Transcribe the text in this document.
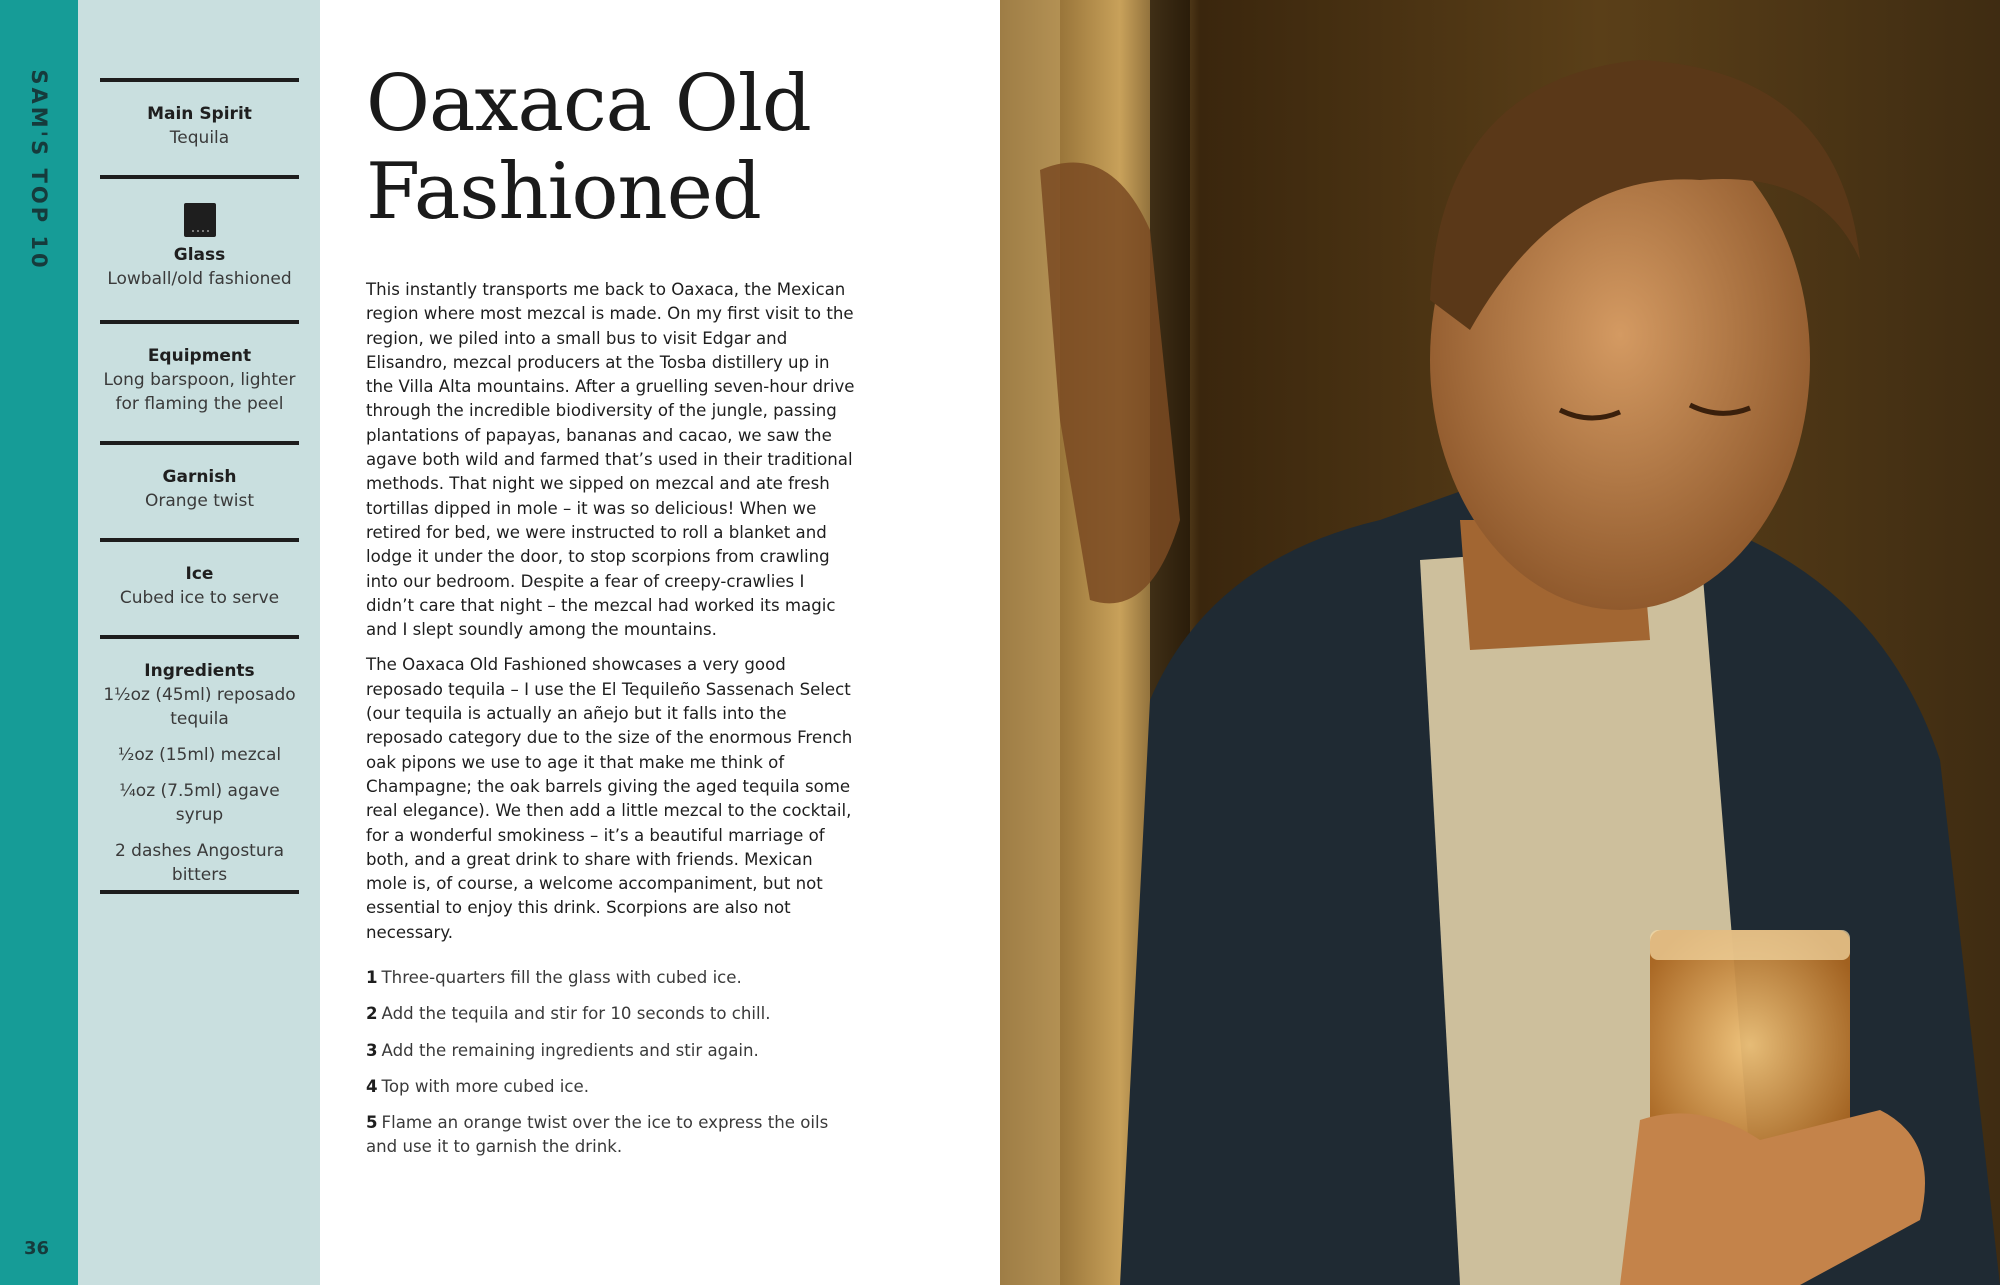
SAM'S TOP 10
36
Main Spirit
Tequila
Glass
Lowball/old fashioned
Equipment
Long barspoon, lighter for flaming the peel
Garnish
Orange twist
Ice
Cubed ice to serve
Ingredients
1½oz (45ml) reposado tequila
½oz (15ml) mezcal
¼oz (7.5ml) agave syrup
2 dashes Angostura bitters
Oaxaca Old
Fashioned

This instantly transports me back to Oaxaca, the Mexican region where most mezcal is made. On my first visit to the region, we piled into a small bus to visit Edgar and Elisandro, mezcal producers at the Tosba distillery up in the Villa Alta mountains. After a gruelling seven-hour drive through the incredible biodiversity of the jungle, passing plantations of papayas, bananas and cacao, we saw the agave both wild and farmed that’s used in their traditional methods. That night we sipped on mezcal and ate fresh tortillas dipped in mole – it was so delicious! When we retired for bed, we were instructed to roll a blanket and lodge it under the door, to stop scorpions from crawling into our bedroom. Despite a fear of creepy-crawlies I didn’t care that night – the mezcal had worked its magic and I slept soundly among the mountains.

The Oaxaca Old Fashioned showcases a very good reposado tequila – I use the El Tequileño Sassenach Select (our tequila is actually an añejo but it falls into the reposado category due to the size of the enormous French oak pipons we use to age it that make me think of Champagne; the oak barrels giving the aged tequila some real elegance). We then add a little mezcal to the cocktail, for a wonderful smokiness – it’s a beautiful marriage of both, and a great drink to share with friends. Mexican mole is, of course, a welcome accompaniment, but not essential to enjoy this drink. Scorpions are also not necessary.

1 Three-quarters fill the glass with cubed ice.
2 Add the tequila and stir for 10 seconds to chill.
3 Add the remaining ingredients and stir again.
4 Top with more cubed ice.
5 Flame an orange twist over the ice to express the oils and use it to garnish the drink.
